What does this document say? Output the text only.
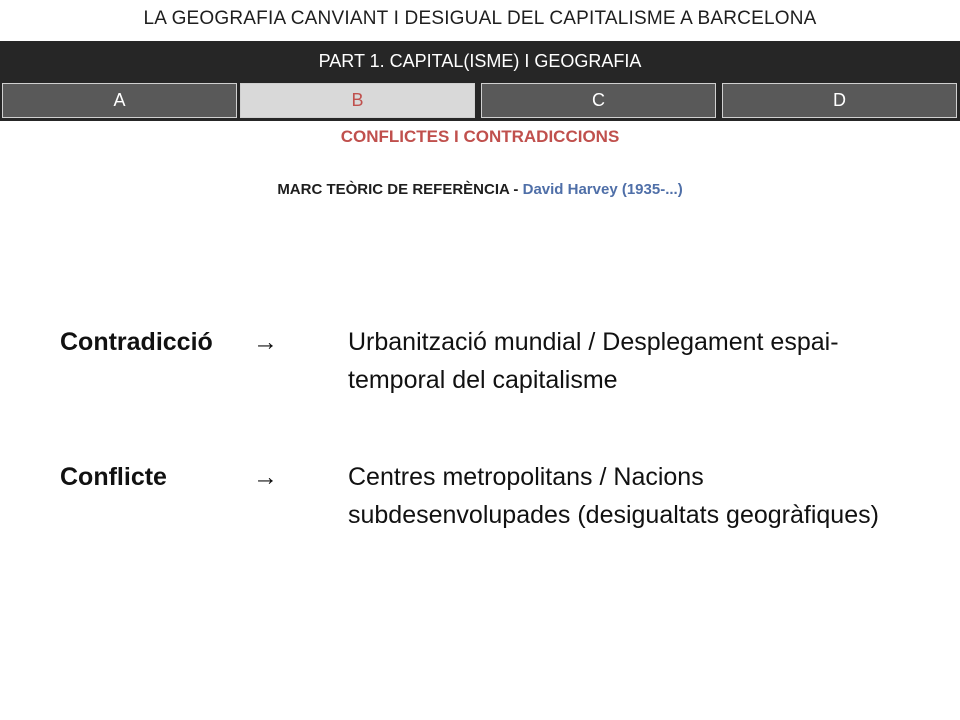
LA GEOGRAFIA CANVIANT I DESIGUAL DEL CAPITALISME A BARCELONA
PART 1. CAPITAL(ISME) I GEOGRAFIA
A	B	C	D
CONFLICTES I CONTRADICCIONS
MARC TEÒRIC DE REFERÈNCIA - David Harvey (1935-...)
Contradicció →	Urbanització mundial / Desplegament espai-temporal del capitalisme
Conflicte	→	Centres metropolitans / Nacions subdesenvolupades (desigualtats geogràfiques)
